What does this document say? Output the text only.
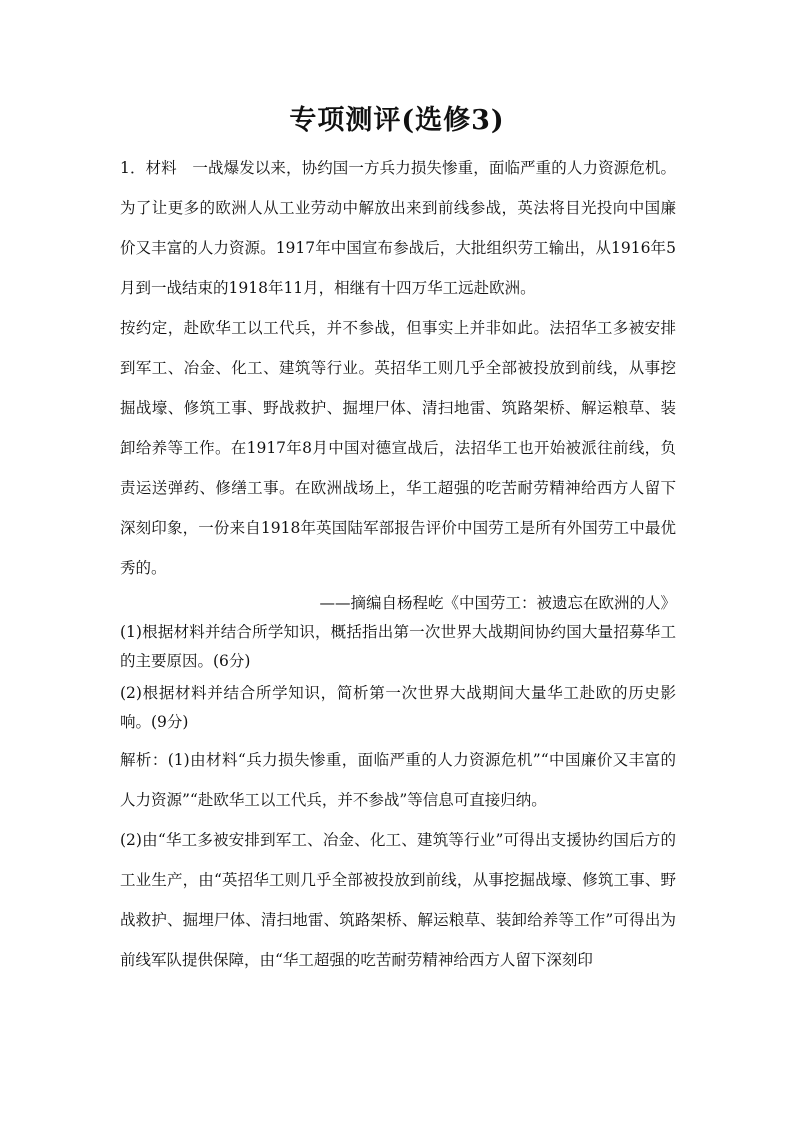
专项测评(选修3)

1．材料　一战爆发以来，协约国一方兵力损失惨重，面临严重的人力资源危机。为了让更多的欧洲人从工业劳动中解放出来到前线参战，英法将目光投向中国廉价又丰富的人力资源。1917年中国宣布参战后，大批组织劳工输出，从1916年5月到一战结束的1918年11月，相继有十四万华工远赴欧洲。

按约定，赴欧华工以工代兵，并不参战，但事实上并非如此。法招华工多被安排到军工、冶金、化工、建筑等行业。英招华工则几乎全部被投放到前线，从事挖掘战壕、修筑工事、野战救护、掘埋尸体、清扫地雷、筑路架桥、解运粮草、装卸给养等工作。在1917年8月中国对德宣战后，法招华工也开始被派往前线，负责运送弹药、修缮工事。在欧洲战场上，华工超强的吃苦耐劳精神给西方人留下深刻印象，一份来自1918年英国陆军部报告评价中国劳工是所有外国劳工中最优秀的。

——摘编自杨程屹《中国劳工：被遗忘在欧洲的人》

(1)根据材料并结合所学知识，概括指出第一次世界大战期间协约国大量招募华工的主要原因。(6分)

(2)根据材料并结合所学知识，简析第一次世界大战期间大量华工赴欧的历史影响。(9分)

解析：(1)由材料“兵力损失惨重，面临严重的人力资源危机”“中国廉价又丰富的人力资源”“赴欧华工以工代兵，并不参战”等信息可直接归纳。

(2)由“华工多被安排到军工、冶金、化工、建筑等行业”可得出支援协约国后方的工业生产，由“英招华工则几乎全部被投放到前线，从事挖掘战壕、修筑工事、野战救护、掘埋尸体、清扫地雷、筑路架桥、解运粮草、装卸给养等工作”可得出为前线军队提供保障，由“华工超强的吃苦耐劳精神给西方人留下深刻印
